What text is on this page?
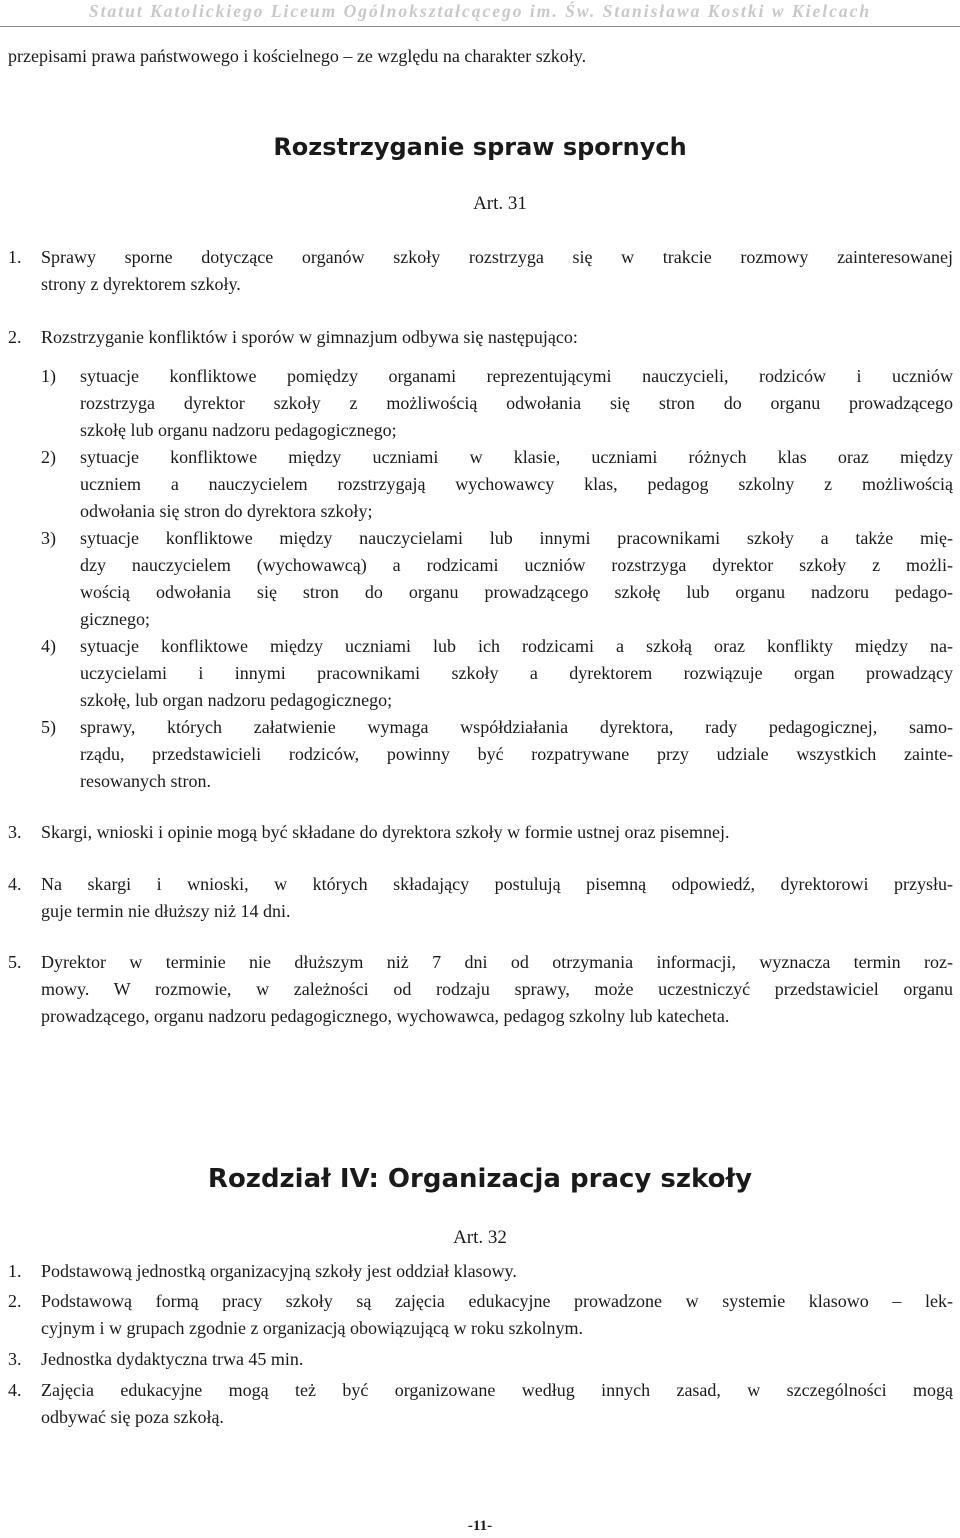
Statut Katolickiego Liceum Ogólnokształcącego im. Św. Stanisława Kostki w Kielcach
przepisami prawa państwowego i kościelnego – ze względu na charakter szkoły.
Rozstrzyganie spraw spornych
Art. 31
1. Sprawy sporne dotyczące organów szkoły rozstrzyga się w trakcie rozmowy zainteresowanej
strony z dyrektorem szkoły.
2. Rozstrzyganie konfliktów i sporów w gimnazjum odbywa się następująco:
1) sytuacje konfliktowe pomiędzy organami reprezentującymi nauczycieli, rodziców i uczniów
rozstrzyga dyrektor szkoły z możliwością odwołania się stron do organu prowadzącego
szkołę lub organu nadzoru pedagogicznego;
2) sytuacje konfliktowe między uczniami w klasie, uczniami różnych klas oraz między
uczniem a nauczycielem rozstrzygają wychowawcy klas, pedagog szkolny z możliwością
odwołania się stron do dyrektora szkoły;
3) sytuacje konfliktowe między nauczycielami lub innymi pracownikami szkoły a także mię-
dzy nauczycielem (wychowawcą) a rodzicami uczniów rozstrzyga dyrektor szkoły z możli-
wością odwołania się stron do organu prowadzącego szkołę lub organu nadzoru pedago-
gicznego;
4) sytuacje konfliktowe między uczniami lub ich rodzicami a szkołą oraz konflikty między na-
uczycielami i innymi pracownikami szkoły a dyrektorem rozwiązuje organ prowadzący
szkołę, lub organ nadzoru pedagogicznego;
5) sprawy, których załatwienie wymaga współdziałania dyrektora, rady pedagogicznej, samo-
rządu, przedstawicieli rodziców, powinny być rozpatrywane przy udziale wszystkich zainte-
resowanych stron.
3. Skargi, wnioski i opinie mogą być składane do dyrektora szkoły w formie ustnej oraz pisemnej.
4. Na skargi i wnioski, w których składający postulują pisemną odpowiedź, dyrektorowi przysłu-
guje termin nie dłuższy niż 14 dni.
5. Dyrektor w terminie nie dłuższym niż 7 dni od otrzymania informacji, wyznacza termin roz-
mowy. W rozmowie, w zależności od rodzaju sprawy, może uczestniczyć przedstawiciel organu
prowadzącego, organu nadzoru pedagogicznego, wychowawca, pedagog szkolny lub katecheta.
Rozdział IV: Organizacja pracy szkoły
Art. 32
1. Podstawową jednostką organizacyjną szkoły jest oddział klasowy.
2. Podstawową formą pracy szkoły są zajęcia edukacyjne prowadzone w systemie klasowo – lek-
cyjnym i w grupach zgodnie z organizacją obowiązującą w roku szkolnym.
3. Jednostka dydaktyczna trwa 45 min.
4. Zajęcia edukacyjne mogą też być organizowane według innych zasad, w szczególności mogą
odbywać się poza szkołą.
-11-
